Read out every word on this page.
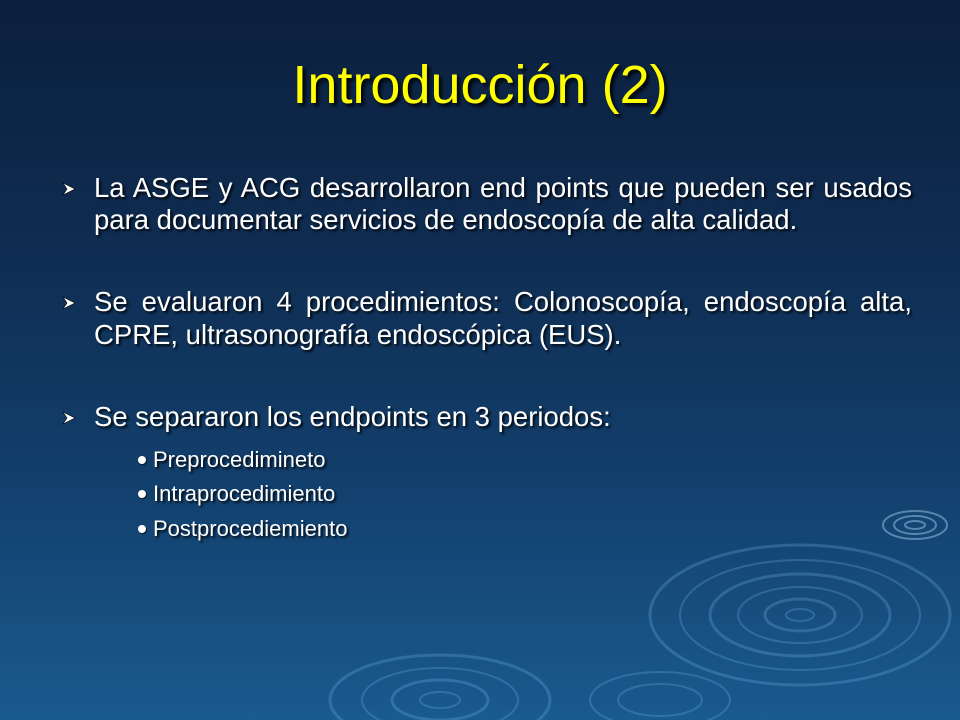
Introducción (2)
La ASGE y ACG desarrollaron end points que pueden ser usados para documentar servicios de endoscopía de alta calidad.
Se evaluaron 4 procedimientos: Colonoscopía, endoscopía alta, CPRE, ultrasonografía endoscópica (EUS).
Se separaron los endpoints en 3 periodos:
Preprocedimineto
Intraprocedimiento
Postprocediemiento
